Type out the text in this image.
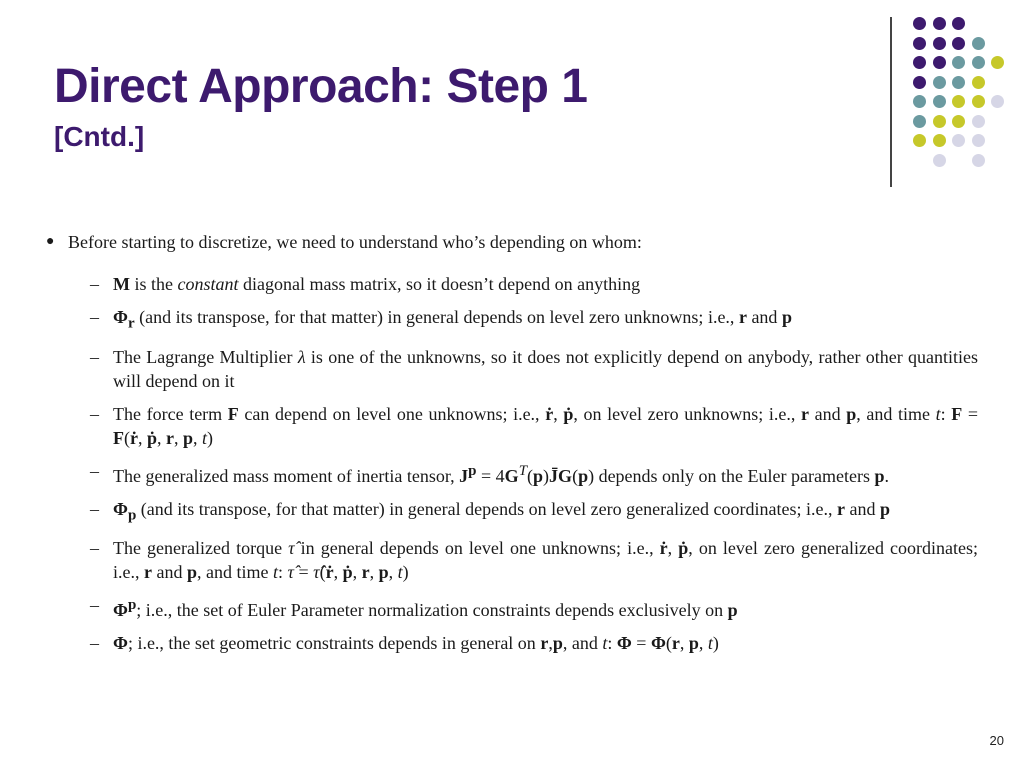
Direct Approach: Step 1
[Cntd.]
● Before starting to discretize, we need to understand who’s depending on whom:
– M is the constant diagonal mass matrix, so it doesn’t depend on anything
– $\Phi_r$ (and its transpose, for that matter) in general depends on level zero unknowns; i.e., r and p
– The Lagrange Multiplier λ is one of the unknowns, so it does not explicitly depend on anybody, rather other quantities will depend on it
– The force term F can depend on level one unknowns; i.e., ṙ, ṗ, on level zero unknowns; i.e., r and p, and time t: F = F(ṙ, ṗ, r, p, t)
– The generalized mass moment of inertia tensor, $J^p$ = $4G^T(p)J̄G(p)$ depends only on the Euler parameters p.
– $\Phi_p$ (and its transpose, for that matter) in general depends on level zero generalized coordinates; i.e., r and p
– The generalized torque τ̂ in general depends on level one unknowns; i.e., ṙ, ṗ, on level zero generalized coordinates; i.e., r and p, and time t: τ̂ = τ̂(ṙ, ṗ, r, p, t)
– $\Phi^p$; i.e., the set of Euler Parameter normalization constraints depends exclusively on p
– Φ; i.e., the set geometric constraints depends in general on r,p, and t: Φ = Φ(r, p, t)
20
